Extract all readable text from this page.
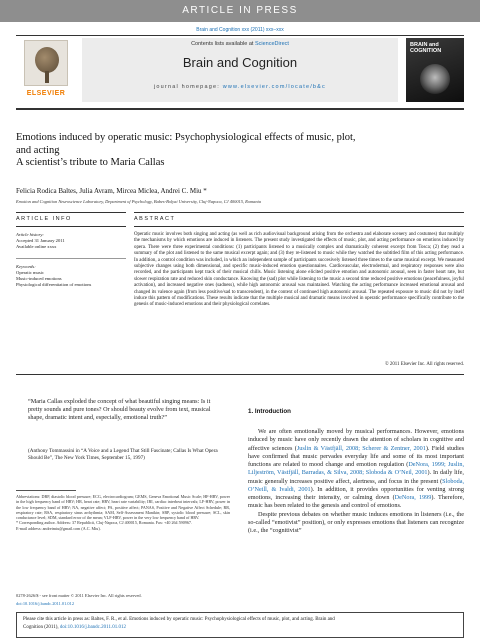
ARTICLE IN PRESS
Brain and Cognition xxx (2011) xxx–xxx
ELSEVIER
Contents lists available at ScienceDirect
Brain and Cognition
journal homepage: www.elsevier.com/locate/b&c
BRAIN and COGNITION
Emotions induced by operatic music: Psychophysiological effects of music, plot,
and acting
A scientist’s tribute to Maria Callas
Felicia Rodica Baltes, Julia Avram, Mircea Miclea, Andrei C. Miu *
Emotion and Cognition Neuroscience Laboratory, Department of Psychology, Babes-Bolyai University, Cluj-Napoca, CJ 400015, Romania
ARTICLE INFO	ABSTRACT
Article history:
Accepted 31 January 2011
Available online xxxx
Keywords:
Operatic music
Music-induced emotions
Physiological differentiation of emotions
Operatic music involves both singing and acting (as well as rich audiovisual background arising from the orchestra and elaborate scenery and costumes) that multiply the mechanisms by which emotions are induced in listeners. The present study investigated the effects of music, plot, and acting performance on emotions induced by opera. There were three experimental conditions: (1) participants listened to a musically complex and dramatically coherent excerpt from Tosca; (2) they read a summary of the plot and listened to the same musical excerpt again; and (3) they re-listened to music while they watched the subtitled film of this acting performance. In addition, a control condition was included, in which an independent sample of participants succesively listened three times to the same musical excerpt. We measured subjective changes using both dimensional, and specific music-induced emotion questionnaires. Cardiovascular, electrodermal, and respiratory responses were also recorded, and the participants kept track of their musical chills. Music listening alone elicited positive emotion and autonomic arousal, seen in faster heart rate, but slower respiration rate and reduced skin conductance. Knowing the (sad) plot while listening to the music a second time reduced positive emotions (peacefulness, joyful activation), and increased negative ones (sadness), while high autonomic arousal was maintained. Watching the acting performance increased emotional arousal and changed its valence again (from less positive/sad to transcendent), in the context of continued high autonomic arousal. The repeated exposure to music did not by itself induce this pattern of modifications. These results indicate that the multiple musical and dramatic means involved in operatic performance specifically contribute to the genesis of music-induced emotions and their physiological correlates.
© 2011 Elsevier Inc. All rights reserved.
“Maria Callas exploded the concept of what beautiful singing means: Is it pretty sounds and pure tones? Or should beauty evolve from text, musical shape, dramatic intent and, especially, emotional truth?”
(Anthony Tommassini in “A Voice and a Legend That Still Fascinate; Callas Is What Opera Should Be”, The New York Times, September 15, 1997)
Abbreviations: DBP, diastolic blood pressure; ECG, electrocardiogram; GEMS, Geneva Emotional Music Scale; HF-HRV, power in the high frequency band of HRV; HR, heart rate; HRV, heart rate variability; IBI, cardiac interbeat intervals; LF-HRV, power in the low frequency band of HRV; NA, negative affect; PA, positive affect; PANAS, Positive and Negative Affect Schedule; RR, respiratory rate; RSA, respiratory sinus arrhythmia; SAM, Self-Assessment Manikin; SBP, systolic blood pressure; SCL, skin conductance level; SDM, standard error of the mean; VLF-HRV, power in the very low frequency band of HRV.
* Corresponding author. Address: 37 Republicii, Cluj-Napoca, CJ 400015, Romania. Fax: +40 264 590967.
E-mail address: andreimiu@gmail.com (A.C. Miu).
0278-2626/$ - see front matter © 2011 Elsevier Inc. All rights reserved.
doi:10.1016/j.bandc.2011.01.012
1. Introduction
We are often emotionally moved by musical performances. However, emotions induced by music have only recently drawn the attention of scholars in cognitive and affective sciences (Juslin & Västfjäll, 2008; Scherer & Zentner, 2001). Field studies have confirmed that music pervades everyday life and some of its most important functions are related to mood change and emotion regulation (DeNora, 1999; Juslin, Liljeström, Västfjäll, Barradas, & Silva, 2008; Sloboda & O’Neil, 2001). In daily life, music generally increases positive affect, alertness, and focus in the present (Sloboda, O’Neill, & Ivaldi, 2001). In addition, it provides opportunities for venting strong emotions, increasing their intensity, or calming down (DeNora, 1999). Therefore, music has been related to the genesis and control of emotions.
Despite previous debates on whether music induces emotions in listeners (i.e., the so-called “emotivist” position), or only expresses emotions that listeners can recognize (i.e., the “cognitivist”
Please cite this article in press as: Baltes, F. R., et al. Emotions induced by operatic music: Psychophysiological effects of music, plot, and acting. Brain and
Cognition (2011), doi:10.1016/j.bandc.2011.01.012
